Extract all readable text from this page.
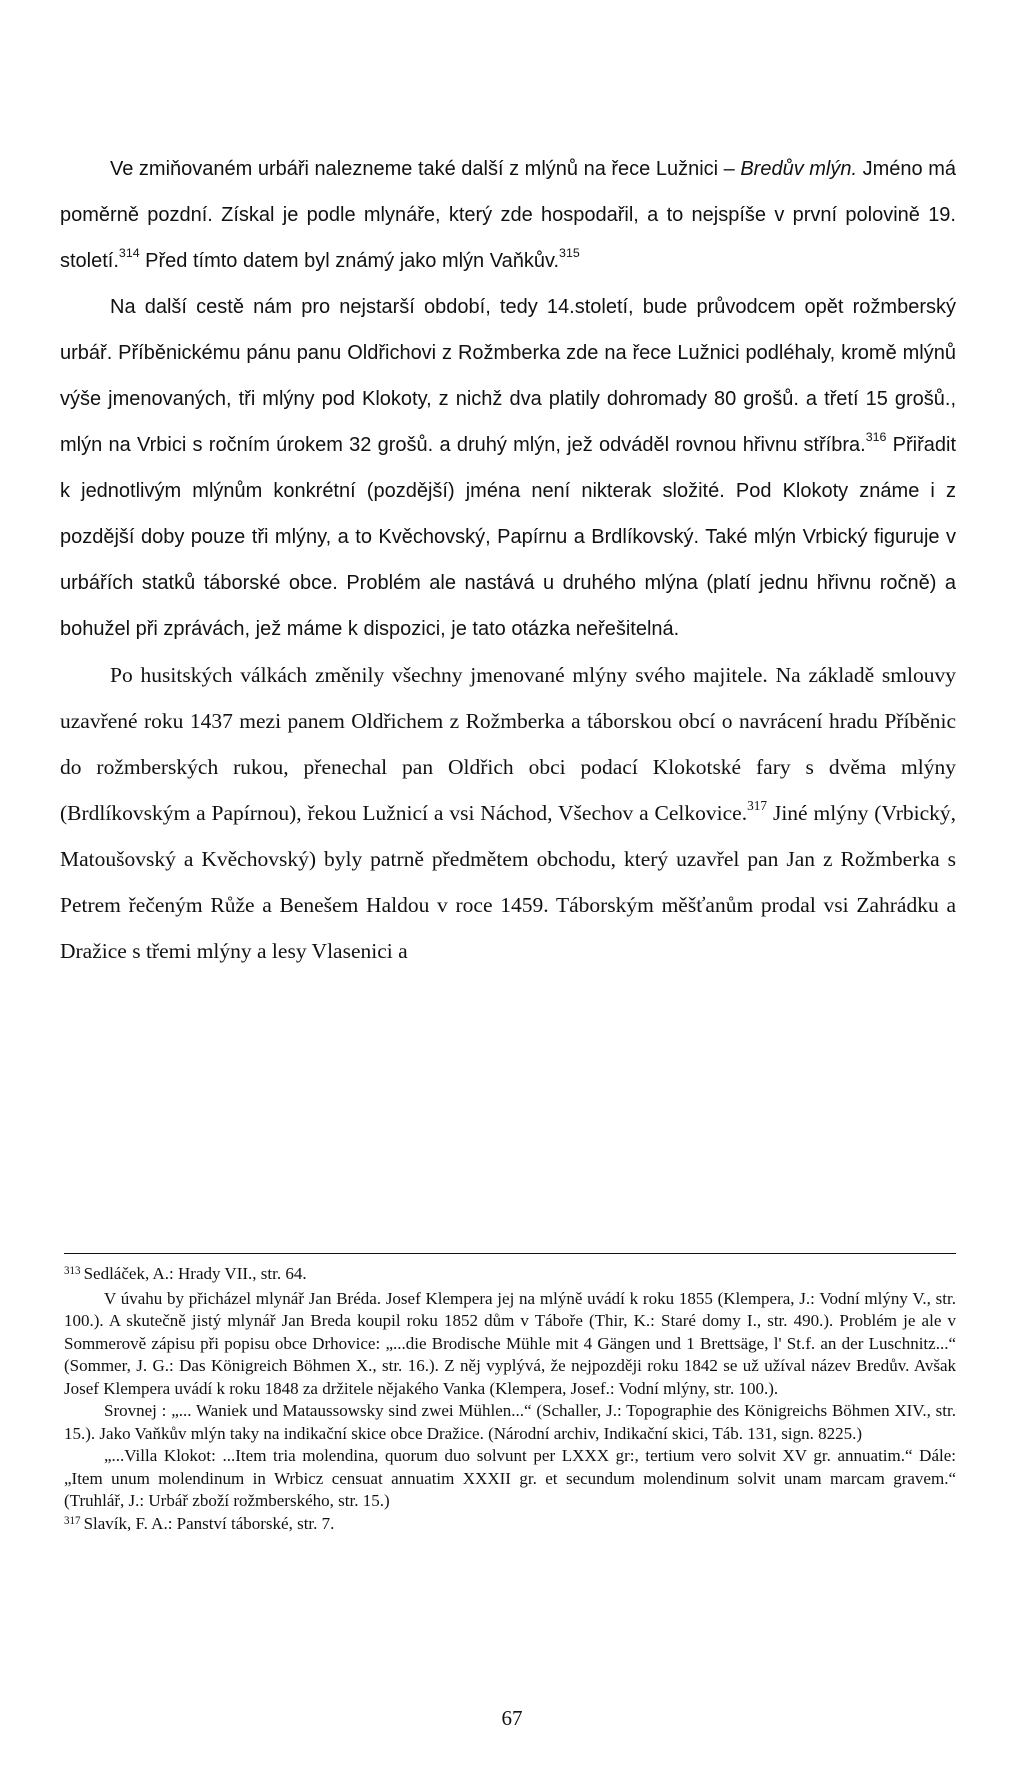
Ve zmiňovaném urbáři nalezneme také další z mlýnů na řece Lužnici – Bredův mlýn. Jméno má poměrně pozdní. Získal je podle mlynáře, který zde hospodařil, a to nejspíše v první polovině 19. století.$^{314}$ Před tímto datem byl známý jako mlýn Vaňkův.$^{315}$

Na další cestě nám pro nejstarší období, tedy 14.století, bude průvodcem opět rožmberský urbář. Příběnickému pánu panu Oldřichovi z Rožmberka zde na řece Lužnici podléhaly, kromě mlýnů výše jmenovaných, tři mlýny pod Klokoty, z nichž dva platily dohromady 80 grošů. a třetí 15 grošů., mlýn na Vrbici s ročním úrokem 32 grošů. a druhý mlýn, jež odváděl rovnou hřivnu stříbra.$^{316}$ Přiřadit k jednotlivým mlýnům konkrétní (pozdější) jména není nikterak složité. Pod Klokoty známe i z pozdější doby pouze tři mlýny, a to Kvěchovský, Papírnu a Brdlíkovský. Také mlýn Vrbický figuruje v urbářích statků táborské obce. Problém ale nastává u druhého mlýna (platí jednu hřivnu ročně) a bohužel při zprávách, jež máme k dispozici, je tato otázka neřešitelná.

Po husitských válkách změnily všechny jmenované mlýny svého majitele. Na základě smlouvy uzavřené roku 1437 mezi panem Oldřichem z Rožmberka a táborskou obcí o navrácení hradu Příběnic do rožmberských rukou, přenechal pan Oldřich obci podací Klokotské fary s dvěma mlýny (Brdlíkovským a Papírnou), řekou Lužnicí a vsi Náchod, Všechov a Celkovice.$^{317}$ Jiné mlýny (Vrbický, Matoušovský a Kvěchovský) byly patrně předmětem obchodu, který uzavřel pan Jan z Rožmberka s Petrem řečeným Růže a Benešem Haldou v roce 1459. Táborským měšťanům prodal vsi Zahrádku a Dražice s třemi mlýny a lesy Vlasenici a

$^{313}$ Sedláček, A.: Hrady VII., str. 64.

V úvahu by přicházel mlynář Jan Bréda. Josef Klempera jej na mlýně uvádí k roku 1855 (Klempera, J.: Vodní mlýny V., str. 100.). A skutečně jistý mlynář Jan Breda koupil roku 1852 dům v Táboře (Thir, K.: Staré domy I., str. 490.). Problém je ale v Sommerově zápisu při popisu obce Drhovice: „...die Brodische Mühle mit 4 Gängen und 1 Brettsäge, l' St.f. an der Luschnitz...“ (Sommer, J. G.: Das Königreich Böhmen X., str. 16.). Z něj vyplývá, že nejpozději roku 1842 se už užíval název Bredův. Avšak Josef Klempera uvádí k roku 1848 za držitele nějakého Vanka (Klempera, Josef.: Vodní mlýny, str. 100.).

Srovnej : „... Waniek und Mataussowsky sind zwei Mühlen...“ (Schaller, J.: Topographie des Königreichs Böhmen XIV., str. 15.). Jako Vaňkův mlýn taky na indikační skice obce Dražice. (Národní archiv, Indikační skici, Táb. 131, sign. 8225.)

„...Villa Klokot: ...Item tria molendina, quorum duo solvunt per LXXX gr:, tertium vero solvit XV gr. annuatim.“ Dále: „Item unum molendinum in Wrbicz censuat annuatim XXXII gr. et secundum molendinum solvit unam marcam gravem.“ (Truhlář, J.: Urbář zboží rožmberského, str. 15.)

$^{317}$ Slavík, F. A.: Panství táborské, str. 7.

67
